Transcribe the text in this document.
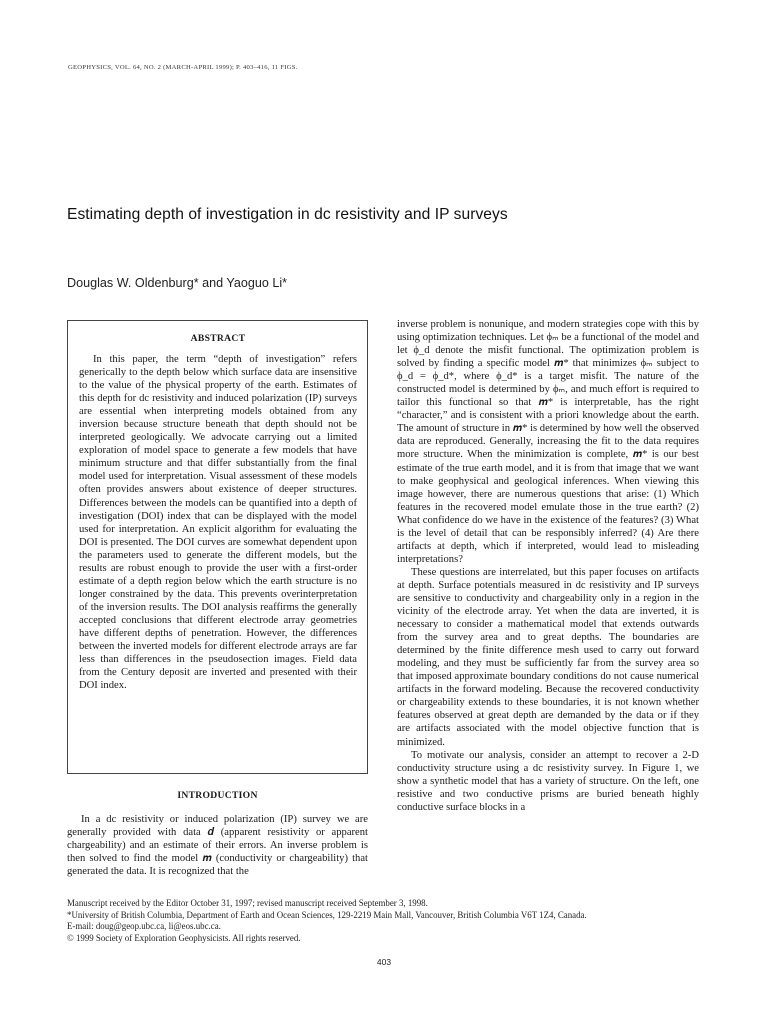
GEOPHYSICS, VOL. 64, NO. 2 (MARCH-APRIL 1999); P. 403–416, 11 FIGS.
Estimating depth of investigation in dc resistivity and IP surveys
Douglas W. Oldenburg* and Yaoguo Li*
ABSTRACT

In this paper, the term “depth of investigation” refers generically to the depth below which surface data are insensitive to the value of the physical property of the earth. Estimates of this depth for dc resistivity and induced polarization (IP) surveys are essential when interpreting models obtained from any inversion because structure beneath that depth should not be interpreted geologically. We advocate carrying out a limited exploration of model space to generate a few models that have minimum structure and that differ substantially from the final model used for interpretation. Visual assessment of these models often provides answers about existence of deeper structures. Differences between the models can be quantified into a depth of investigation (DOI) index that can be displayed with the model used for interpretation. An explicit algorithm for evaluating the DOI is presented. The DOI curves are somewhat dependent upon the parameters used to generate the different models, but the results are robust enough to provide the user with a first-order estimate of a depth region below which the earth structure is no longer constrained by the data. This prevents overinterpretation of the inversion results. The DOI analysis reaffirms the generally accepted conclusions that different electrode array geometries have different depths of penetration. However, the differences between the inverted models for different electrode arrays are far less than differences in the pseudosection images. Field data from the Century deposit are inverted and presented with their DOI index.

INTRODUCTION

In a dc resistivity or induced polarization (IP) survey we are generally provided with data 𝒅 (apparent resistivity or apparent chargeability) and an estimate of their errors. An inverse problem is then solved to find the model 𝒎 (conductivity or chargeability) that generated the data. It is recognized that the

inverse problem is nonunique, and modern strategies cope with this by using optimization techniques. Let ϕₘ be a functional of the model and let ϕ_d denote the misfit functional. The optimization problem is solved by finding a specific model 𝒎* that minimizes ϕₘ subject to ϕ_d = ϕ_d*, where ϕ_d* is a target misfit. The nature of the constructed model is determined by ϕₘ, and much effort is required to tailor this functional so that 𝒎* is interpretable, has the right “character,” and is consistent with a priori knowledge about the earth. The amount of structure in 𝒎* is determined by how well the observed data are reproduced. Generally, increasing the fit to the data requires more structure. When the minimization is complete, 𝒎* is our best estimate of the true earth model, and it is from that image that we want to make geophysical and geological inferences. When viewing this image however, there are numerous questions that arise: (1) Which features in the recovered model emulate those in the true earth? (2) What confidence do we have in the existence of the features? (3) What is the level of detail that can be responsibly inferred? (4) Are there artifacts at depth, which if interpreted, would lead to misleading interpretations?

These questions are interrelated, but this paper focuses on artifacts at depth. Surface potentials measured in dc resistivity and IP surveys are sensitive to conductivity and chargeability only in a region in the vicinity of the electrode array. Yet when the data are inverted, it is necessary to consider a mathematical model that extends outwards from the survey area and to great depths. The boundaries are determined by the finite difference mesh used to carry out forward modeling, and they must be sufficiently far from the survey area so that imposed approximate boundary conditions do not cause numerical artifacts in the forward modeling. Because the recovered conductivity or chargeability extends to these boundaries, it is not known whether features observed at great depth are demanded by the data or if they are artifacts associated with the model objective function that is minimized.

To motivate our analysis, consider an attempt to recover a 2-D conductivity structure using a dc resistivity survey. In Figure 1, we show a synthetic model that has a variety of structure. On the left, one resistive and two conductive prisms are buried beneath highly conductive surface blocks in a

Manuscript received by the Editor October 31, 1997; revised manuscript received September 3, 1998.
*University of British Columbia, Department of Earth and Ocean Sciences, 129-2219 Main Mall, Vancouver, British Columbia V6T 1Z4, Canada.
E-mail: doug@geop.ubc.ca, li@eos.ubc.ca.
© 1999 Society of Exploration Geophysicists. All rights reserved.
403
